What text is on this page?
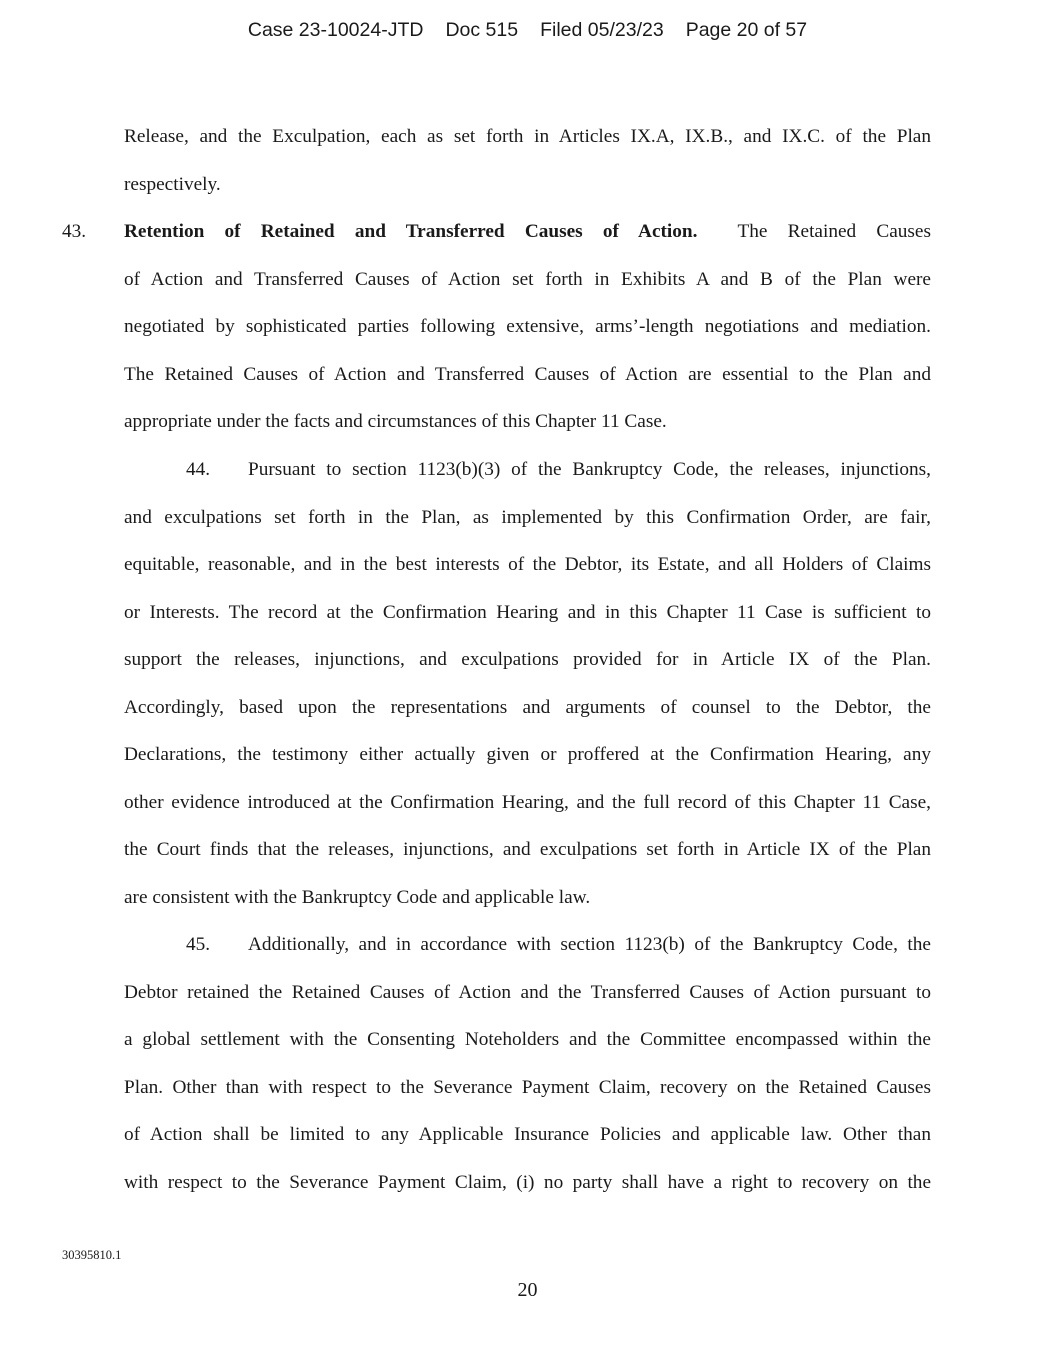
Case 23-10024-JTD Doc 515 Filed 05/23/23 Page 20 of 57
Release, and the Exculpation, each as set forth in Articles IX.A, IX.B., and IX.C. of the Plan
respectively.
43. Retention of Retained and Transferred Causes of Action. The Retained Causes
of Action and Transferred Causes of Action set forth in Exhibits A and B of the Plan were
negotiated by sophisticated parties following extensive, arms’-length negotiations and mediation.
The Retained Causes of Action and Transferred Causes of Action are essential to the Plan and
appropriate under the facts and circumstances of this Chapter 11 Case.
44.	Pursuant to section 1123(b)(3) of the Bankruptcy Code, the releases, injunctions,
and exculpations set forth in the Plan, as implemented by this Confirmation Order, are fair,
equitable, reasonable, and in the best interests of the Debtor, its Estate, and all Holders of Claims
or Interests. The record at the Confirmation Hearing and in this Chapter 11 Case is sufficient to
support the releases, injunctions, and exculpations provided for in Article IX of the Plan.
Accordingly, based upon the representations and arguments of counsel to the Debtor, the
Declarations, the testimony either actually given or proffered at the Confirmation Hearing, any
other evidence introduced at the Confirmation Hearing, and the full record of this Chapter 11 Case,
the Court finds that the releases, injunctions, and exculpations set forth in Article IX of the Plan
are consistent with the Bankruptcy Code and applicable law.
45.	Additionally, and in accordance with section 1123(b) of the Bankruptcy Code, the
Debtor retained the Retained Causes of Action and the Transferred Causes of Action pursuant to
a global settlement with the Consenting Noteholders and the Committee encompassed within the
Plan. Other than with respect to the Severance Payment Claim, recovery on the Retained Causes
of Action shall be limited to any Applicable Insurance Policies and applicable law. Other than
with respect to the Severance Payment Claim, (i) no party shall have a right to recovery on the
30395810.1
20
